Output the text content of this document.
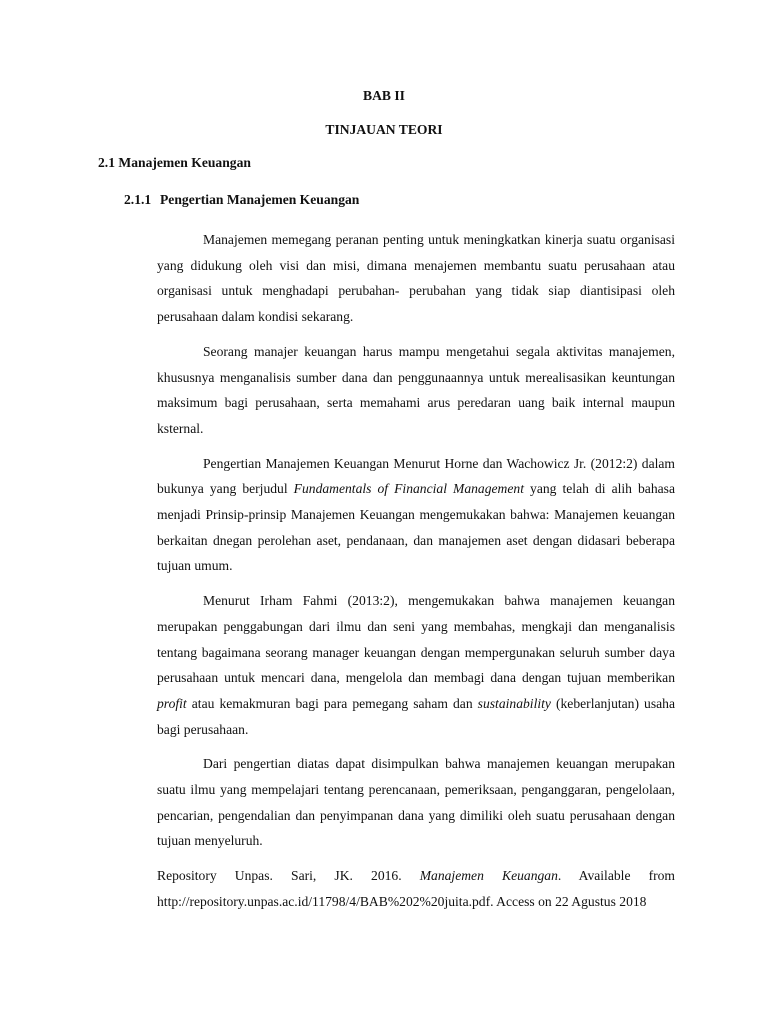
BAB II
TINJAUAN TEORI
2.1 Manajemen Keuangan
2.1.1 Pengertian Manajemen Keuangan

Manajemen memegang peranan penting untuk meningkatkan kinerja suatu organisasi yang didukung oleh visi dan misi, dimana menajemen membantu suatu perusahaan atau organisasi untuk menghadapi perubahan- perubahan yang tidak siap diantisipasi oleh perusahaan dalam kondisi sekarang.

Seorang manajer keuangan harus mampu mengetahui segala aktivitas manajemen, khususnya menganalisis sumber dana dan penggunaannya untuk merealisasikan keuntungan maksimum bagi perusahaan, serta memahami arus peredaran uang baik internal maupun ksternal.

Pengertian Manajemen Keuangan Menurut Horne dan Wachowicz Jr. (2012:2) dalam bukunya yang berjudul Fundamentals of Financial Management yang telah di alih bahasa menjadi Prinsip-prinsip Manajemen Keuangan mengemukakan bahwa: Manajemen keuangan berkaitan dnegan perolehan aset, pendanaan, dan manajemen aset dengan didasari beberapa tujuan umum.

Menurut Irham Fahmi (2013:2), mengemukakan bahwa manajemen keuangan merupakan penggabungan dari ilmu dan seni yang membahas, mengkaji dan menganalisis tentang bagaimana seorang manager keuangan dengan mempergunakan seluruh sumber daya perusahaan untuk mencari dana, mengelola dan membagi dana dengan tujuan memberikan profit atau kemakmuran bagi para pemegang saham dan sustainability (keberlanjutan) usaha bagi perusahaan.

Dari pengertian diatas dapat disimpulkan bahwa manajemen keuangan merupakan suatu ilmu yang mempelajari tentang perencanaan, pemeriksaan, penganggaran, pengelolaan, pencarian, pengendalian dan penyimpanan dana yang dimiliki oleh suatu perusahaan dengan tujuan menyeluruh.

Repository Unpas. Sari, JK. 2016. Manajemen Keuangan. Available from http://repository.unpas.ac.id/11798/4/BAB%202%20juita.pdf. Access on 22 Agustus 2018
